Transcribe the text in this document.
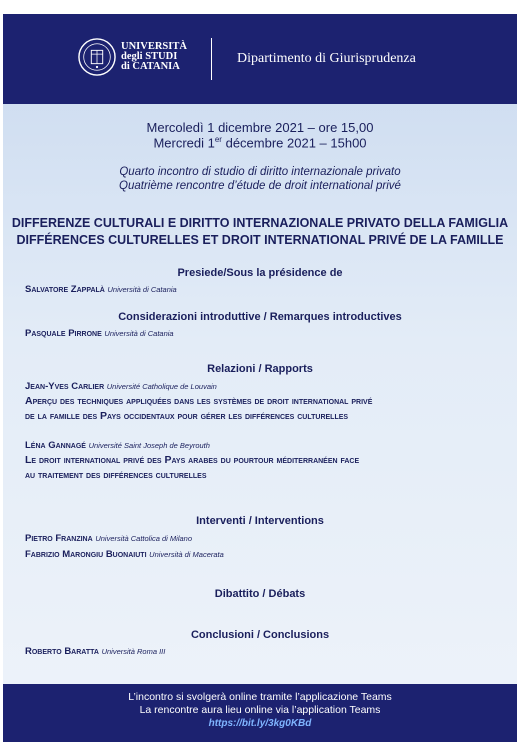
UNIVERSITÀ
degli STUDI
di CATANIA
Dipartimento di Giurisprudenza
Mercoledì 1 dicembre 2021 – ore 15,00
Mercredi 1er décembre 2021 – 15h00
Quarto incontro di studio di diritto internazionale privato
Quatrième rencontre d’étude de droit international privé
DIFFERENZE CULTURALI E DIRITTO INTERNAZIONALE PRIVATO DELLA FAMIGLIA
DIFFÉRENCES CULTURELLES ET DROIT INTERNATIONAL PRIVÉ DE LA FAMILLE
Presiede/Sous la présidence de
Salvatore Zappalà Università di Catania
Considerazioni introduttive / Remarques introductives
Pasquale Pirrone Università di Catania
Relazioni / Rapports
Jean-Yves Carlier Université Catholique de Louvain
Aperçu des techniques appliquées dans les systèmes de droit international privé
de la famille des Pays occidentaux pour gérer les différences culturelles
Léna Gannagé Université Saint Joseph de Beyrouth
Le droit international privé des Pays arabes du pourtour méditerranéen face
au traitement des différences culturelles
Interventi / Interventions
Pietro Franzina Università Cattolica di Milano
Fabrizio Marongiu Buonaiuti Università di Macerata
Dibattito / Débats
Conclusioni / Conclusions
Roberto Baratta Università Roma III
L’incontro si svolgerà online tramite l’applicazione Teams
La rencontre aura lieu online via l’application Teams
https://bit.ly/3kg0KBd
